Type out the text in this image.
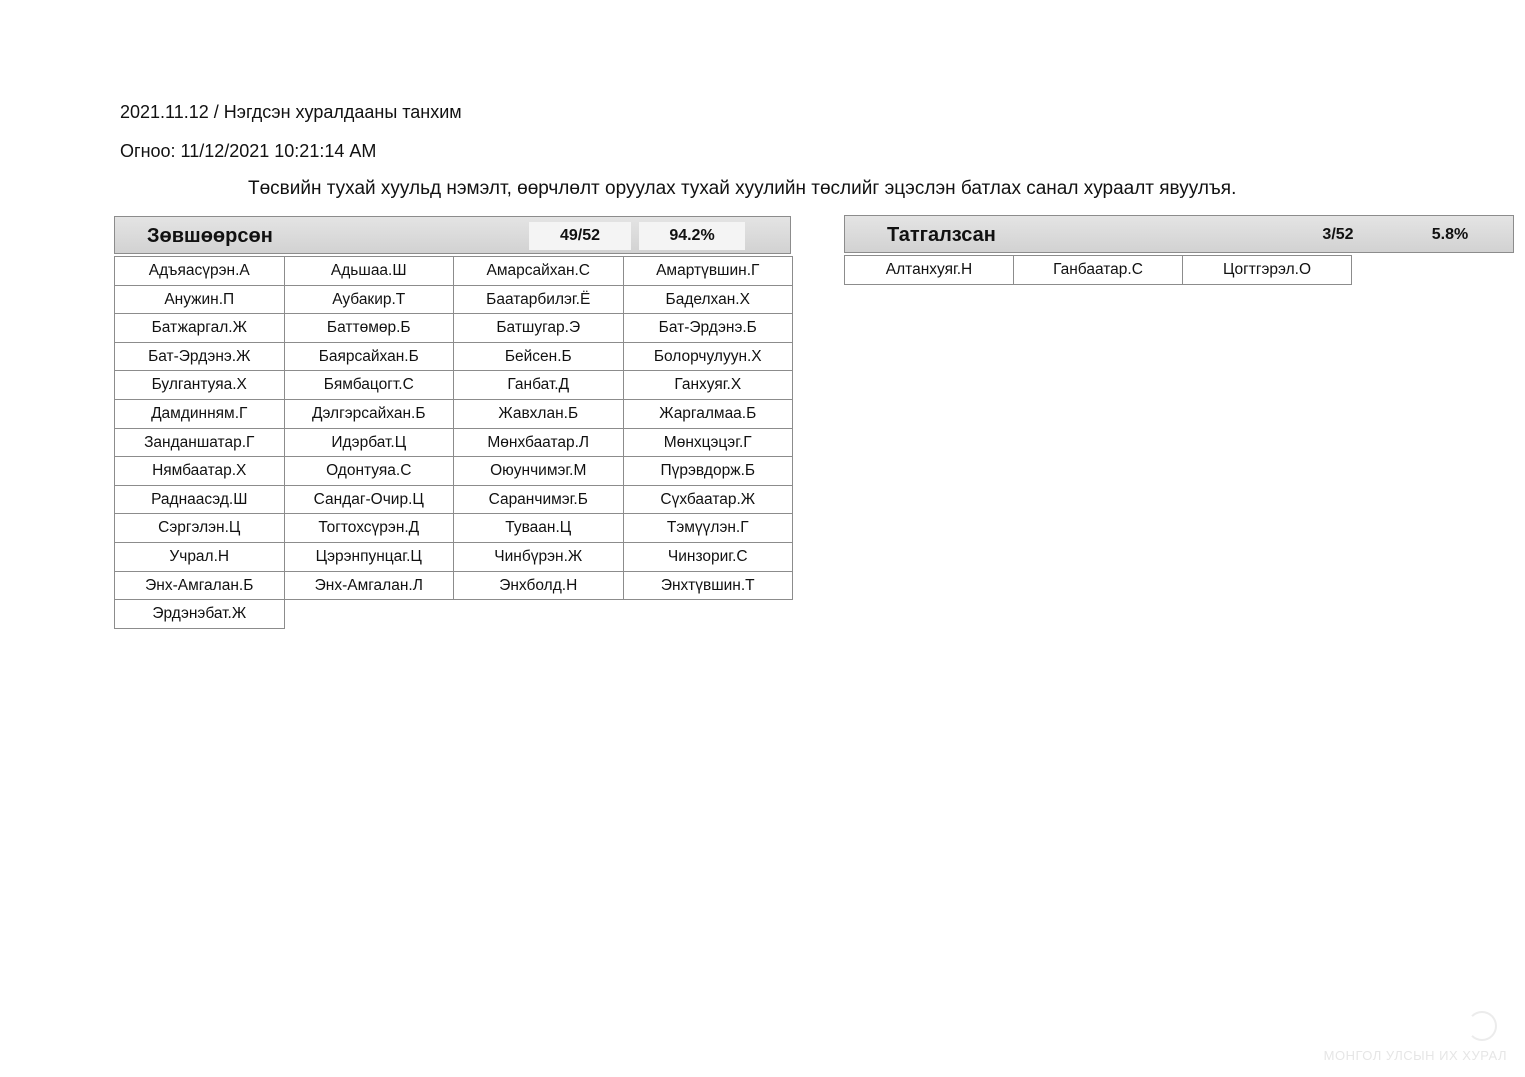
2021.11.12 / Нэгдсэн хуралдааны танхим
Огноо: 11/12/2021 10:21:14 AM
Төсвийн тухай хуульд нэмэлт, өөрчлөлт оруулах тухай хуулийн төслийг эцэслэн батлах санал хураалт явуулъя.
Зөвшөөрсөн	49/52	94.2%
Адъяасүрэн.А	Адьшаа.Ш	Амарсайхан.С	Амартүвшин.Г
Анужин.П	Аубакир.Т	Баатарбилэг.Ё	Баделхан.Х
Батжаргал.Ж	Баттөмөр.Б	Батшугар.Э	Бат-Эрдэнэ.Б
Бат-Эрдэнэ.Ж	Баярсайхан.Б	Бейсен.Б	Болорчулуун.Х
Булгантуяа.Х	Бямбацогт.С	Ганбат.Д	Ганхуяг.Х
Дамдинням.Г	Дэлгэрсайхан.Б	Жавхлан.Б	Жаргалмаа.Б
Занданшатар.Г	Идэрбат.Ц	Мөнхбаатар.Л	Мөнхцэцэг.Г
Нямбаатар.Х	Одонтуяа.С	Оюунчимэг.М	Пүрэвдорж.Б
Раднаасэд.Ш	Сандаг-Очир.Ц	Саранчимэг.Б	Сүхбаатар.Ж
Сэргэлэн.Ц	Тогтохсүрэн.Д	Туваан.Ц	Тэмүүлэн.Г
Учрал.Н	Цэрэнпунцаг.Ц	Чинбүрэн.Ж	Чинзориг.С
Энх-Амгалан.Б	Энх-Амгалан.Л	Энхболд.Н	Энхтүвшин.Т
Эрдэнэбат.Ж
Татгалзсан	3/52	5.8%
Алтанхуяг.Н	Ганбаатар.С	Цогтгэрэл.О
МОНГОЛ УЛСЫН ИХ ХУРАЛ
